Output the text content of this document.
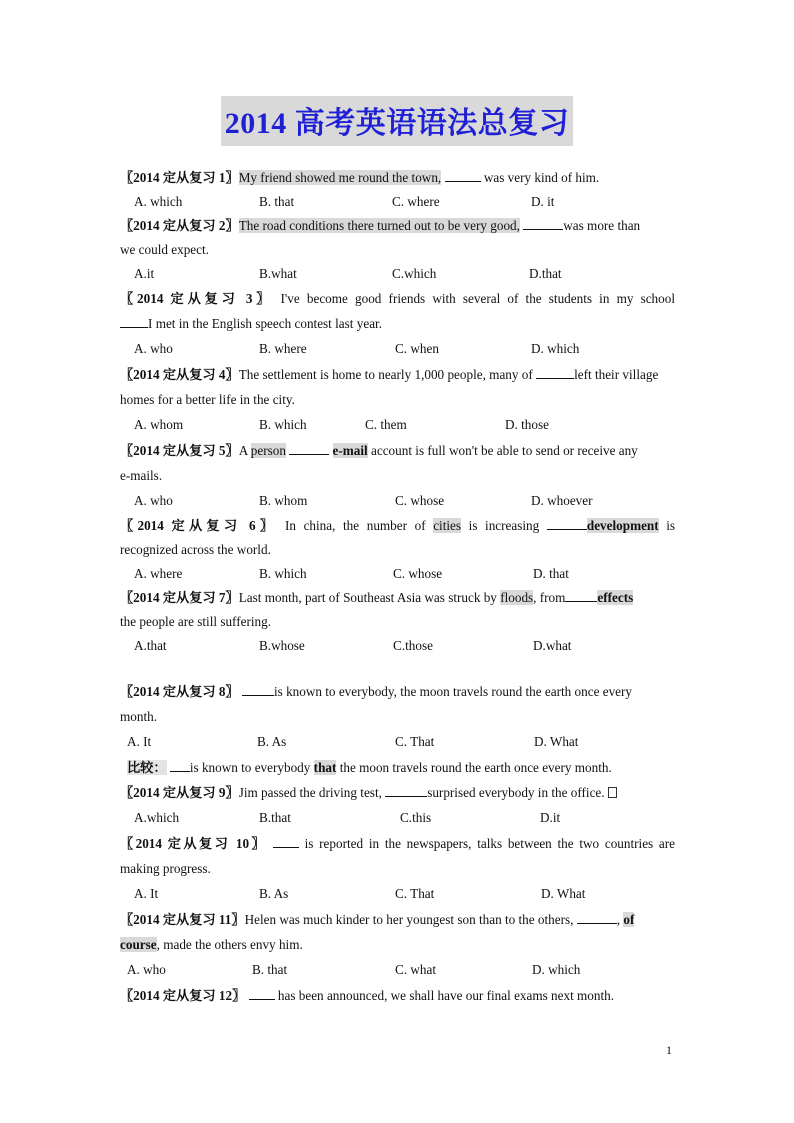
2014 高考英语语法总复习
〖2014 定从复习 1〗My friend showed me round the town,	was very kind of him.
A. which	B. that	C. where	D. it
〖2014 定从复习 2〗The road conditions there turned out to be very good,	was more than
we could expect.
A.it	B.what	C.which	D.that
〖2014 定从复习 3〗 I've become good friends with several of the students in my school
I met in the English speech contest last year.
A. who	B. where	C. when	D. which
〖2014 定从复习 4〗The settlement is home to nearly 1,000 people, many of	left their village
homes for a better life in the city.
A. whom	B. which	C. them	D. those
〖2014 定从复习 5〗A person	e-mail account is full won't be able to send or receive any
e-mails.
A. who	B. whom	C. whose	D. whoever
〖2014 定从复习 6〗 In china, the number of cities is increasing	development is
recognized across the world.
A. where	B. which	C. whose	D. that
〖2014 定从复习 7〗Last month, part of Southeast Asia was struck by floods, from effects
the people are still suffering.
A.that	B.whose	C.those	D.what
〖2014 定从复习 8〗	is known to everybody, the moon travels round the earth once every
month.
A. It	B. As	C. That	D. What
比较： is known to everybody that the moon travels round the earth once every month.
〖2014 定从复习 9〗Jim passed the driving test,	surprised everybody in the office.
A.which	B.that	C.this	D.it
〖2014 定从复习 10〗	is reported in the newspapers, talks between the two countries are
making progress.
A. It	B. As	C. That	D. What
〖2014 定从复习 11〗Helen was much kinder to her youngest son than to the others,	, of
course, made the others envy him.
A. who	B. that	C. what	D. which
〖2014 定从复习 12〗 has been announced, we shall have our final exams next month.
1
